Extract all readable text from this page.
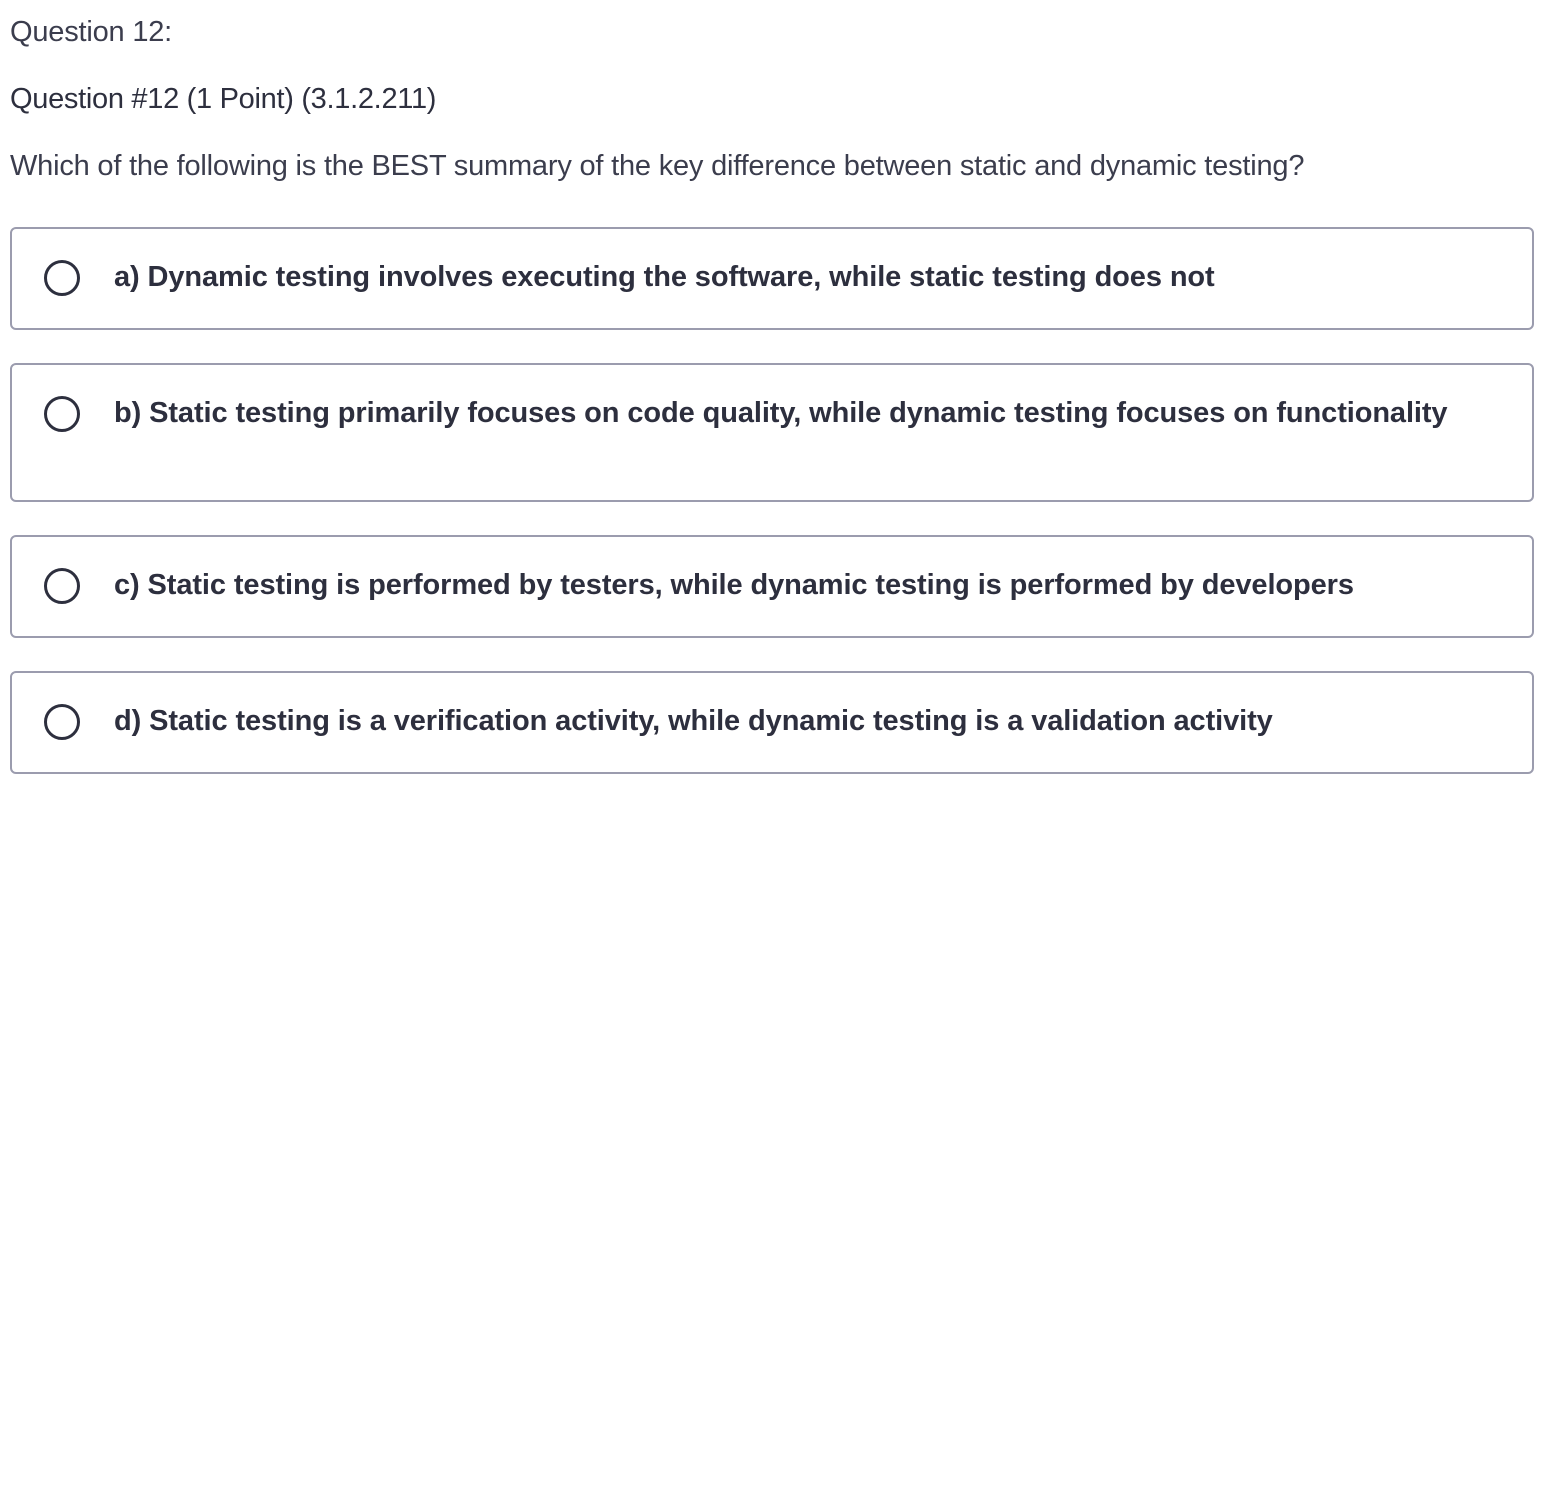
Question 12:
Question #12 (1 Point) (3.1.2.211)
Which of the following is the BEST summary of the key difference between static and dynamic testing?
a) Dynamic testing involves executing the software, while static testing does not
b) Static testing primarily focuses on code quality, while dynamic testing focuses on functionality
c) Static testing is performed by testers, while dynamic testing is performed by developers
d) Static testing is a verification activity, while dynamic testing is a validation activity
